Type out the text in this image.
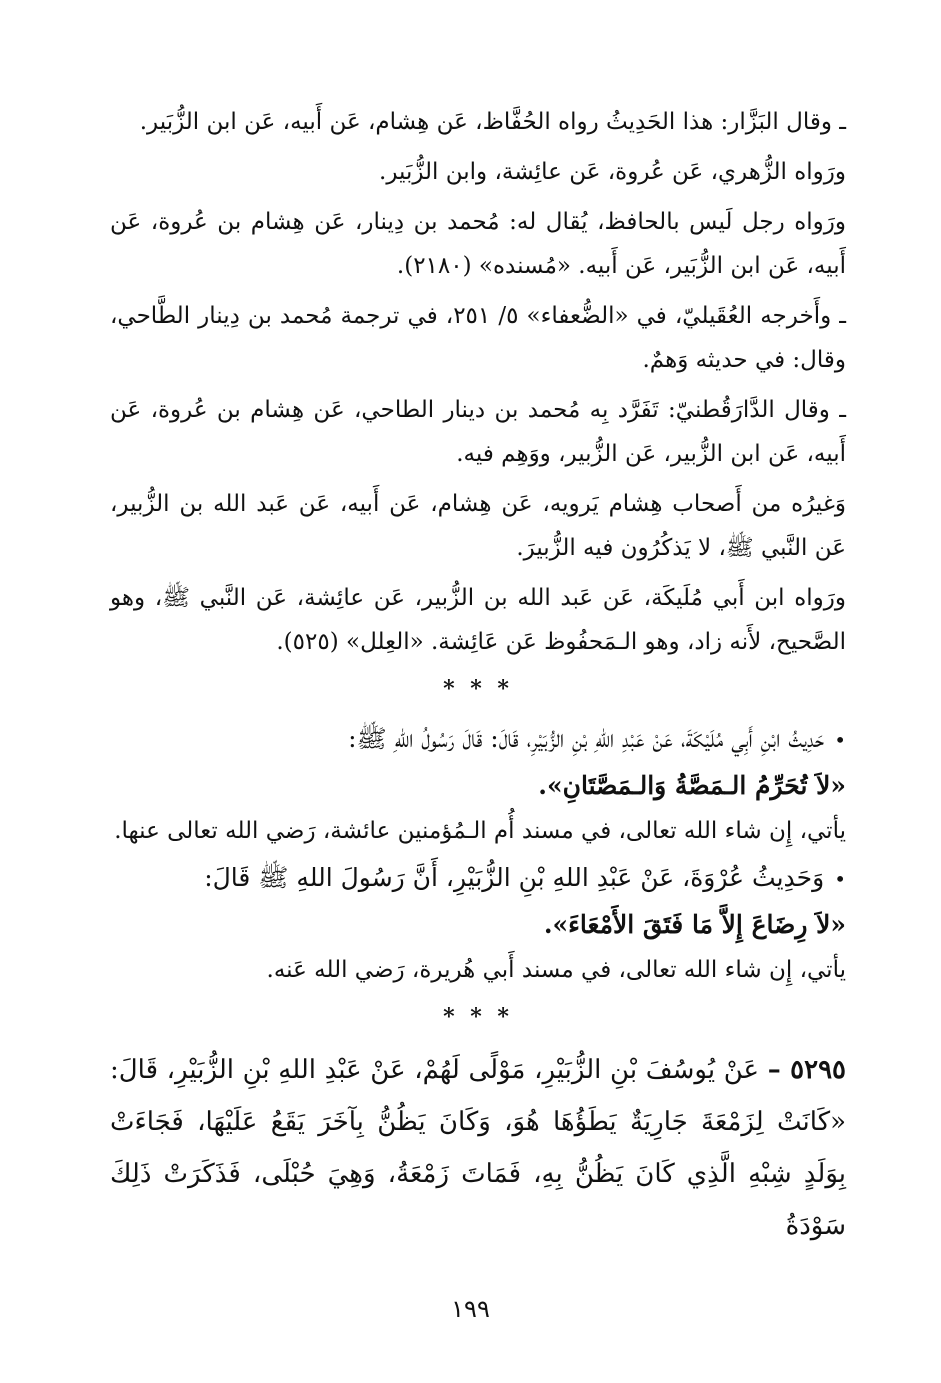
ـ وقال البَزَّار: هذا الحَدِيثُ رواه الحُفَّاظ، عَن هِشام، عَن أَبيه، عَن ابن الزُّبَير.

ورَواه الزُّهري، عَن عُروة، عَن عائِشة، وابن الزُّبَير.

ورَواه رجل لَيس بالحافظ، يُقال له: مُحمد بن دِينار، عَن هِشام بن عُروة، عَن أَبيه، عَن ابن الزُّبَير، عَن أَبيه. «مُسنده» (٢١٨٠).

ـ وأَخرجه العُقَيليّ، في «الضُّعفاء» ٥/ ٢٥١، في ترجمة مُحمد بن دِينار الطَّاحي، وقال: في حديثه وَهمٌ.

ـ وقال الدَّارَقُطنيّ: تَفَرَّد بِه مُحمد بن دينار الطاحي، عَن هِشام بن عُروة، عَن أَبيه، عَن ابن الزُّبير، عَن الزُّبير، ووَهِم فيه.

وَغيرُه من أَصحاب هِشام يَرويه، عَن هِشام، عَن أَبيه، عَن عَبد الله بن الزُّبير، عَن النَّبي ﷺ، لا يَذكُرُون فيه الزُّبيرَ.

ورَواه ابن أَبي مُلَيكَة، عَن عَبد الله بن الزُّبير، عَن عائِشة، عَن النَّبي ﷺ، وهو الصَّحيح، لأَنه زاد، وهو الـمَحفُوظ عَن عَائِشة. «العِلل» (٥٢٥).

* * *
•حَدِيثُ ابْنِ أَبِي مُلَيْكَةَ، عَنْ عَبْدِ اللهِ بْنِ الزُّبَيْرِ، قَالَ: قَالَ رَسُولُ اللهِ ﷺ:
«لاَ تُحَرِّمُ الـمَصَّةُ وَالـمَصَّتَانِ».

يأتي، إِن شاء الله تعالى، في مسند أُم الـمُؤمنين عائشة، رَضي الله تعالى عنها.

•وَحَدِيثُ عُرْوَةَ، عَنْ عَبْدِ اللهِ بْنِ الزُّبَيْرِ، أَنَّ رَسُولَ اللهِ ﷺ قَالَ:
«لاَ رِضَاعَ إِلاَّ مَا فَتَقَ الأَمْعَاءَ».

يأتي، إِن شاء الله تعالى، في مسند أَبي هُريرة، رَضي الله عَنه.

* * *
٥٢٩٥ – عَنْ يُوسُفَ بْنِ الزُّبَيْرِ، مَوْلًى لَهُمْ، عَنْ عَبْدِ اللهِ بْنِ الزُّبَيْرِ، قَالَ:
«كَانَتْ لِزَمْعَةَ جَارِيَةٌ يَطَؤُهَا هُوَ، وَكَانَ يَظُنُّ بِآخَرَ يَقَعُ عَلَيْهَا، فَجَاءَتْ
بِوَلَدٍ شِبْهِ الَّذِي كَانَ يَظُنُّ بِهِ، فَمَاتَ زَمْعَةُ، وَهِيَ حُبْلَى، فَذَكَرَتْ ذَلِكَ سَوْدَةُ
١٩٩
